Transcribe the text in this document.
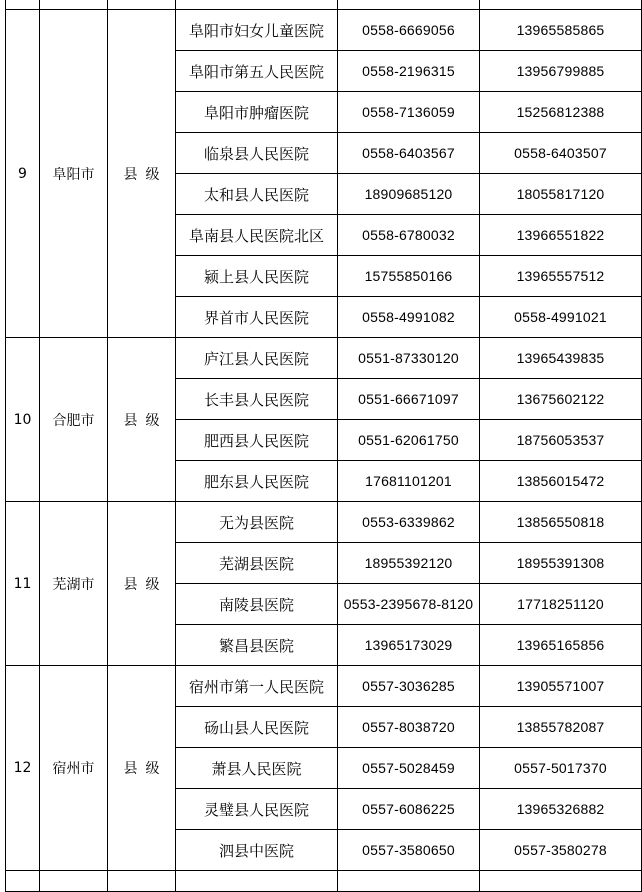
9	阜阳市	县级	阜阳市妇女儿童医院	0558-6669056	13965585865
			阜阳市第五人民医院	0558-2196315	13956799885
			阜阳市肿瘤医院	0558-7136059	15256812388
			临泉县人民医院	0558-6403567	0558-6403507
			太和县人民医院	18909685120	18055817120
			阜南县人民医院北区	0558-6780032	13966551822
			颍上县人民医院	15755850166	13965557512
			界首市人民医院	0558-4991082	0558-4991021
10	合肥市	县级	庐江县人民医院	0551-87330120	13965439835
			长丰县人民医院	0551-66671097	13675602122
			肥西县人民医院	0551-62061750	18756053537
			肥东县人民医院	17681101201	13856015472
11	芜湖市	县级	无为县医院	0553-6339862	13856550818
			芜湖县医院	18955392120	18955391308
			南陵县医院	0553-2395678-8120	17718251120
			繁昌县医院	13965173029	13965165856
12	宿州市	县级	宿州市第一人民医院	0557-3036285	13905571007
			砀山县人民医院	0557-8038720	13855782087
			萧县人民医院	0557-5028459	0557-5017370
			灵璧县人民医院	0557-6086225	13965326882
			泗县中医院	0557-3580650	0557-3580278
